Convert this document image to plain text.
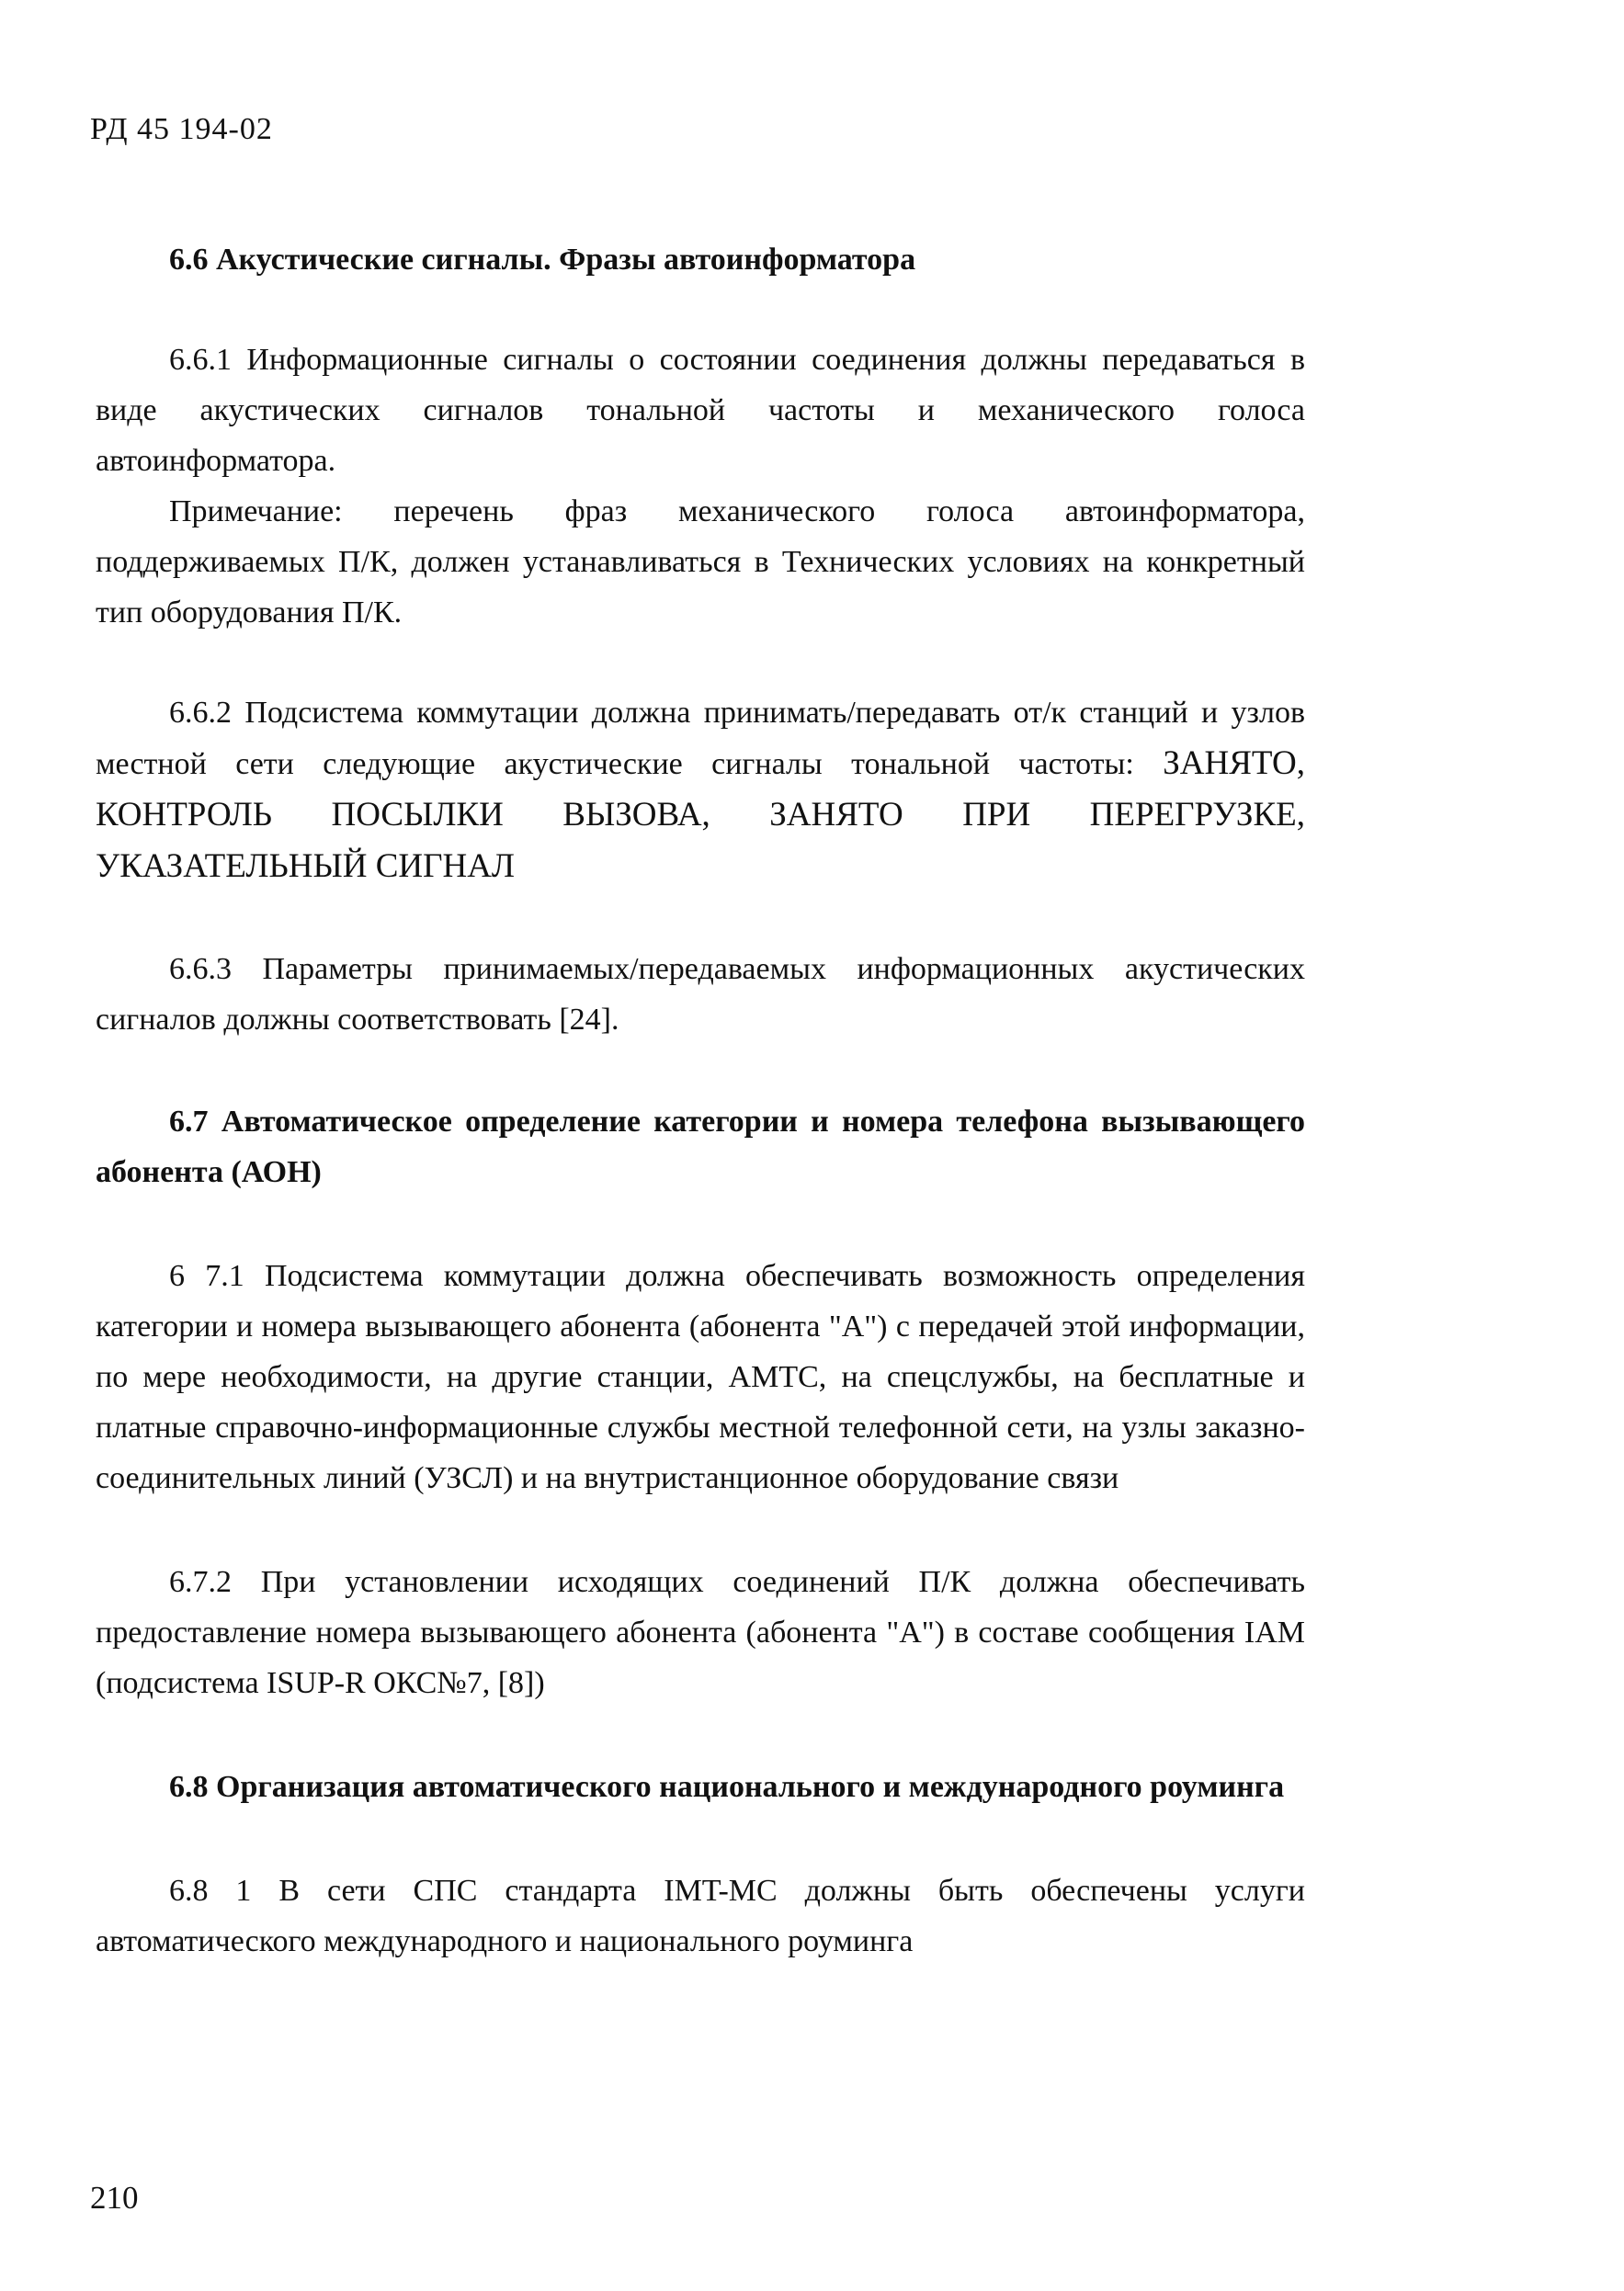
РД 45 194-02

6.6 Акустические сигналы. Фразы автоинформатора

6.6.1 Информационные сигналы о состоянии соединения должны передаваться в виде акустических сигналов тональной частоты и механического голоса автоинформатора.

Примечание: перечень фраз механического голоса автоинформатора, поддерживаемых П/К, должен устанавливаться в Технических условиях на конкретный тип оборудования П/К.

6.6.2 Подсистема коммутации должна принимать/передавать от/к станций и узлов местной сети следующие акустические сигналы тональной частоты: ЗАНЯТО, КОНТРОЛЬ ПОСЫЛКИ ВЫЗОВА, ЗАНЯТО ПРИ ПЕРЕГРУЗКЕ, УКАЗАТЕЛЬНЫЙ СИГНАЛ

6.6.3 Параметры принимаемых/передаваемых информационных акустических сигналов должны соответствовать [24].

6.7 Автоматическое определение категории и номера телефона вызывающего абонента (АОН)

6 7.1 Подсистема коммутации должна обеспечивать возможность определения категории и номера вызывающего абонента (абонента "А") с передачей этой информации, по мере необходимости, на другие станции, АМТС, на спецслужбы, на бесплатные и платные справочно-информационные службы местной телефонной сети, на узлы заказно-соединительных линий (УЗСЛ) и на внутристанционное оборудование связи

6.7.2 При установлении исходящих соединений П/К должна обеспечивать предоставление номера вызывающего абонента (абонента "А") в составе сообщения IAM (подсистема ISUP-R ОКС№7, [8])

6.8 Организация автоматического национального и международного роуминга

6.8 1 В сети СПС стандарта IMT-MC должны быть обеспечены услуги автоматического международного и национального роуминга

210
